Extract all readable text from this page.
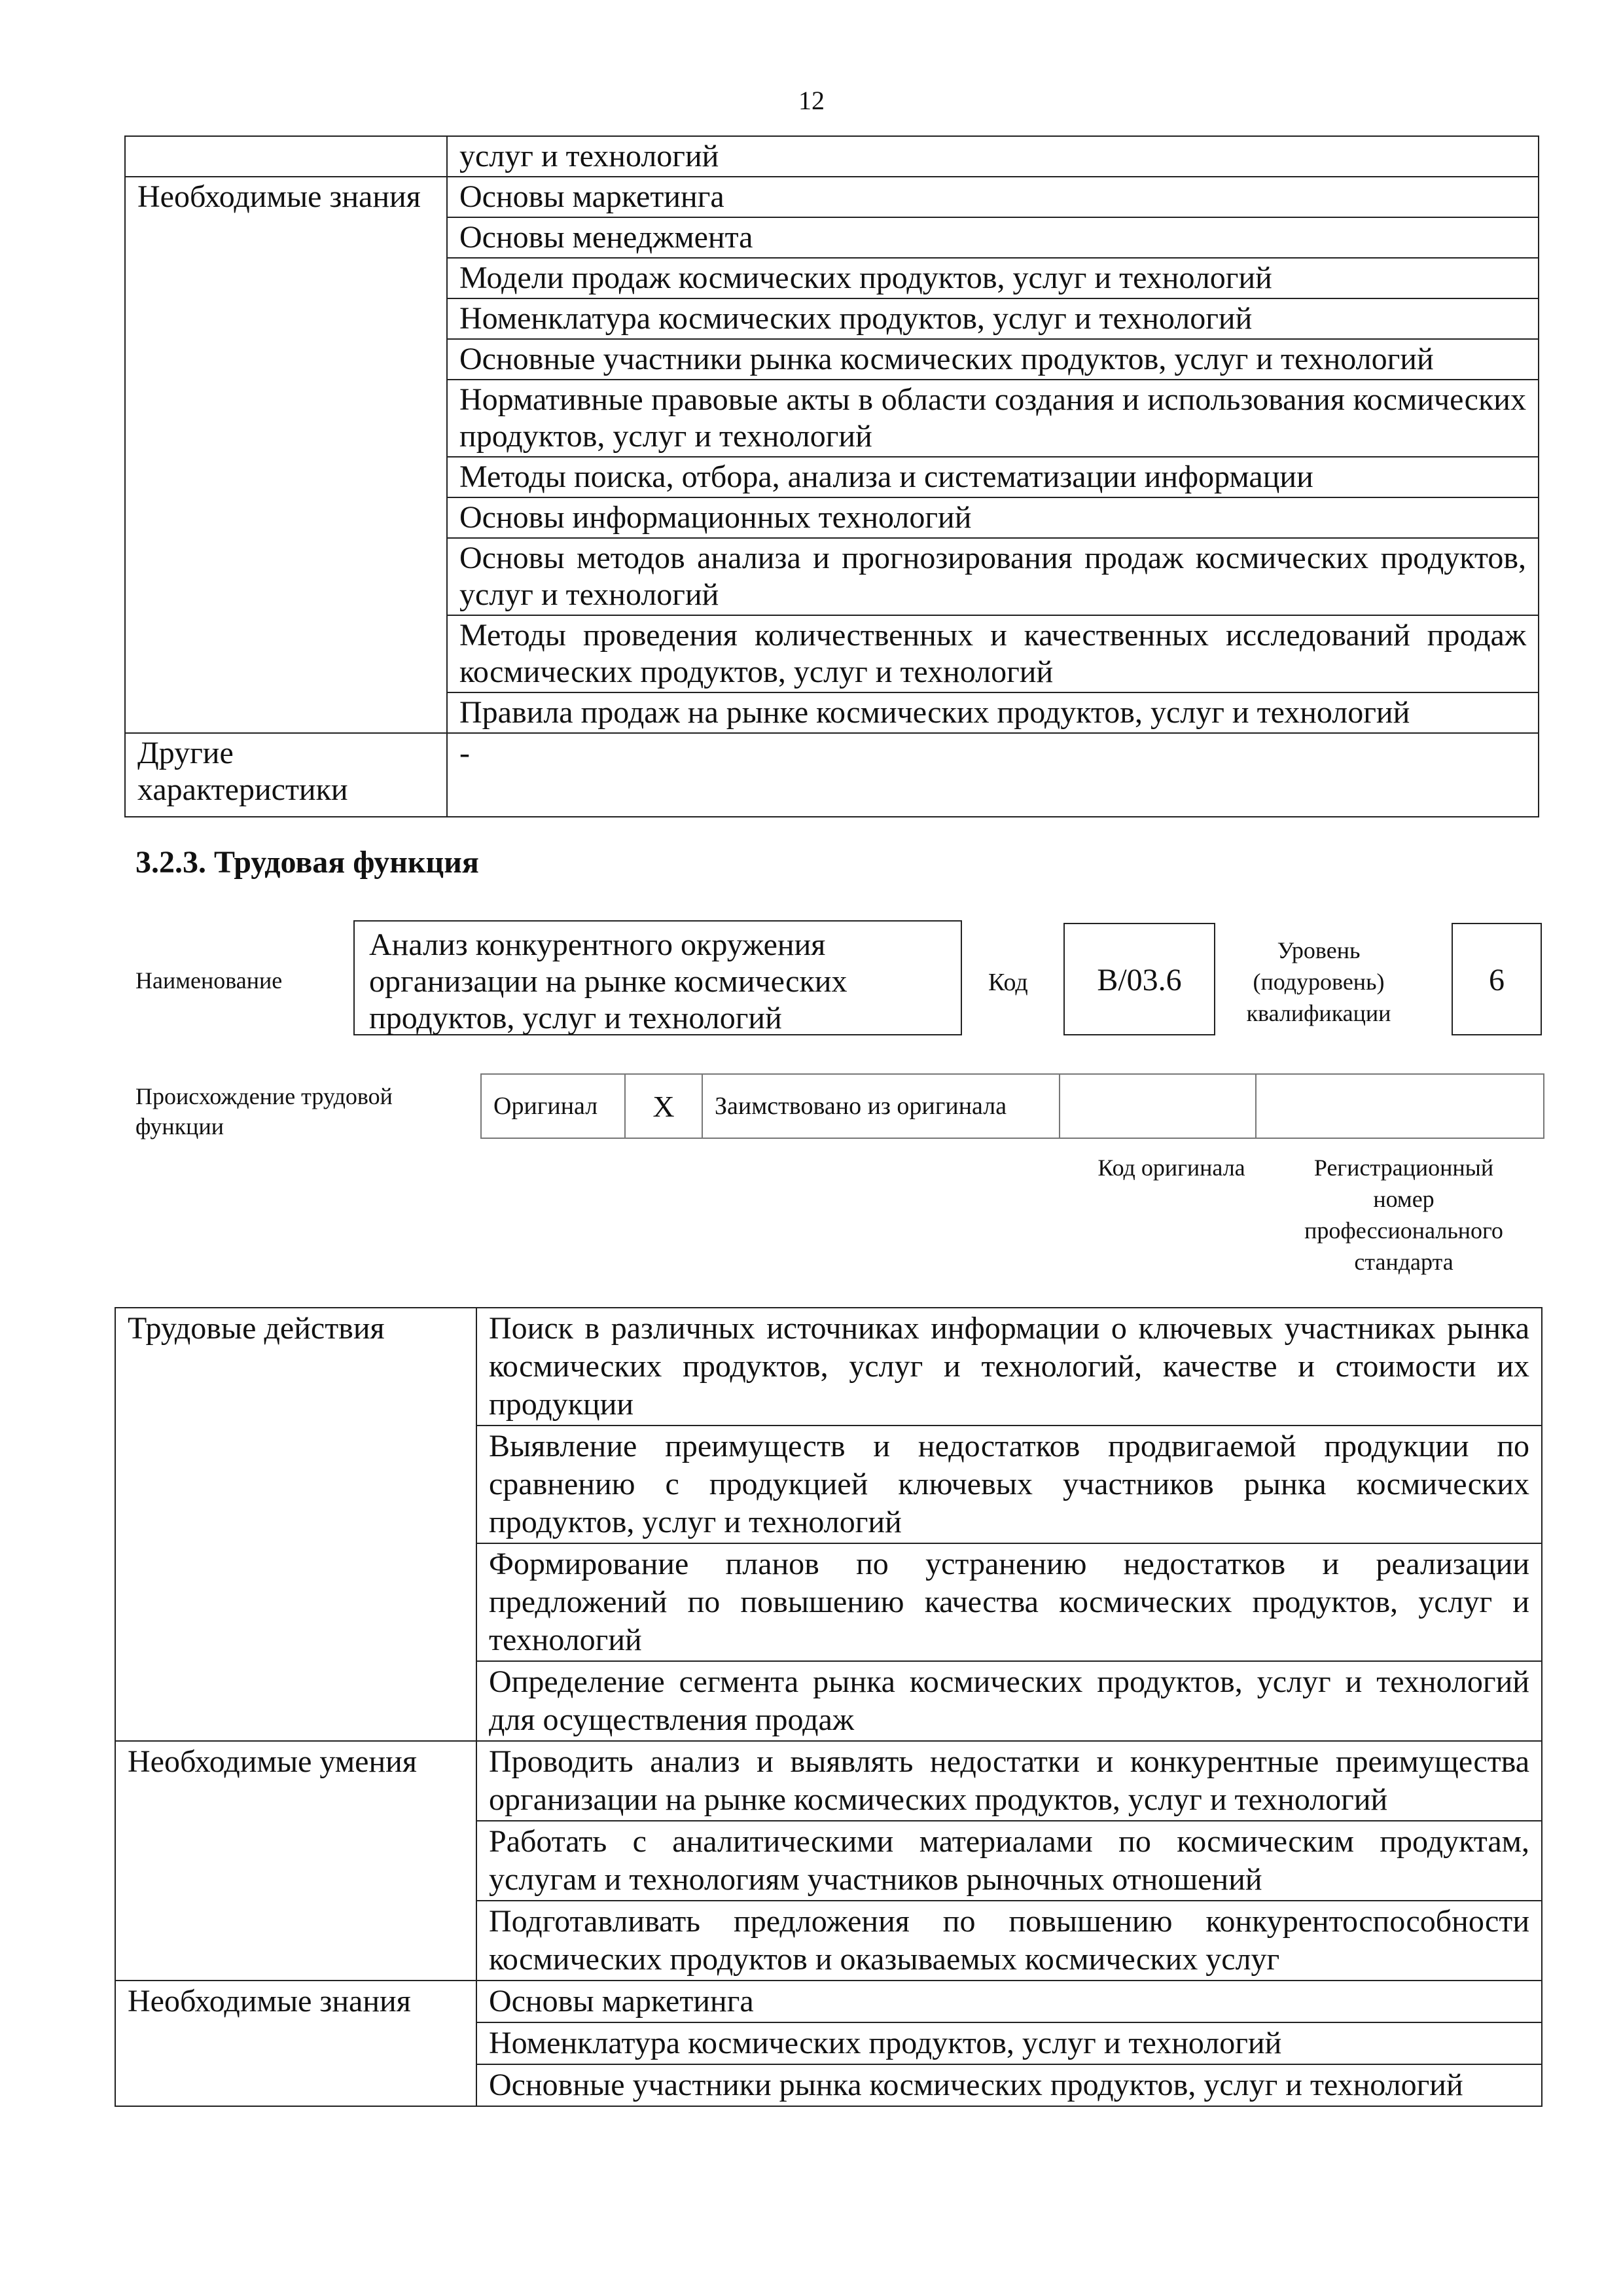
12
	услуг и технологий
Необходимые знания	Основы маркетинга
	Основы менеджмента
	Модели продаж космических продуктов, услуг и технологий
	Номенклатура космических продуктов, услуг и технологий
	Основные участники рынка космических продуктов, услуг и технологий
	Нормативные правовые акты в области создания и использования космических продуктов, услуг и технологий
	Методы поиска, отбора, анализа и систематизации информации
	Основы информационных технологий
	Основы методов анализа и прогнозирования продаж космических продуктов, услуг и технологий
	Методы проведения количественных и качественных исследований продаж космических продуктов, услуг и технологий
	Правила продаж на рынке космических продуктов, услуг и технологий
Другие характеристики	-
3.2.3. Трудовая функция
Наименование
Анализ конкурентного окружения организации на рынке космических продуктов, услуг и технологий
Код	B/03.6
Уровень (подуровень) квалификации
6
Происхождение трудовой функции
Оригинал	X	Заимствовано из оригинала		
Код оригинала	Регистрационный номер профессионального стандарта
Трудовые действия	Поиск в различных источниках информации о ключевых участниках рынка космических продуктов, услуг и технологий, качестве и стоимости их продукции
	Выявление преимуществ и недостатков продвигаемой продукции по сравнению с продукцией ключевых участников рынка космических продуктов, услуг и технологий
	Формирование планов по устранению недостатков и реализации предложений по повышению качества космических продуктов, услуг и технологий
	Определение сегмента рынка космических продуктов, услуг и технологий для осуществления продаж
Необходимые умения	Проводить анализ и выявлять недостатки и конкурентные преимущества организации на рынке космических продуктов, услуг и технологий
	Работать с аналитическими материалами по космическим продуктам, услугам и технологиям участников рыночных отношений
	Подготавливать предложения по повышению конкурентоспособности космических продуктов и оказываемых космических услуг
Необходимые знания	Основы маркетинга
	Номенклатура космических продуктов, услуг и технологий
	Основные участники рынка космических продуктов, услуг и технологий
